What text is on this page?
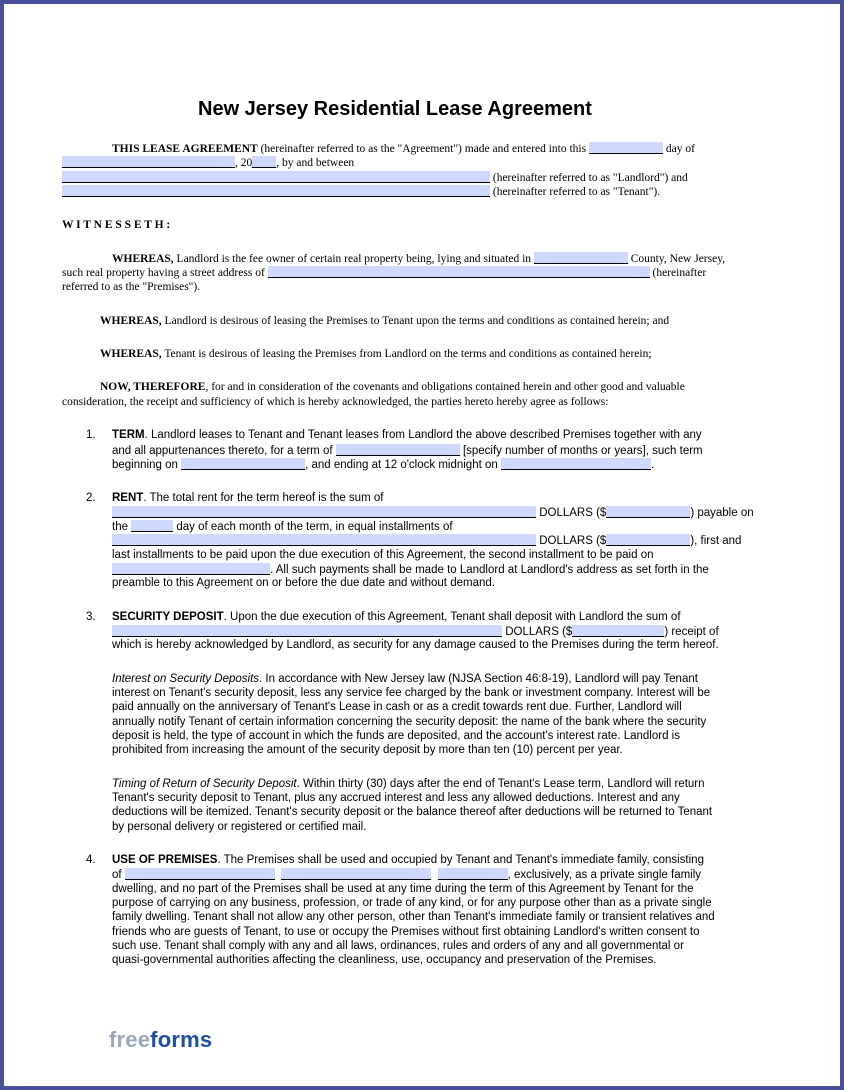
New Jersey Residential Lease Agreement
THIS LEASE AGREEMENT (hereinafter referred to as the "Agreement") made and entered into this	day of
, 20 , by and between
(hereinafter referred to as "Landlord") and
(hereinafter referred to as "Tenant").
W I T N E S S E T H :
WHEREAS, Landlord is the fee owner of certain real property being, lying and situated in	County, New Jersey,
such real property having a street address of	(hereinafter
referred to as the "Premises").
WHEREAS, Landlord is desirous of leasing the Premises to Tenant upon the terms and conditions as contained herein; and
WHEREAS, Tenant is desirous of leasing the Premises from Landlord on the terms and conditions as contained herein;
NOW, THEREFORE, for and in consideration of the covenants and obligations contained herein and other good and valuable
consideration, the receipt and sufficiency of which is hereby acknowledged, the parties hereto hereby agree as follows:
1. TERM. Landlord leases to Tenant and Tenant leases from Landlord the above described Premises together with any
and all appurtenances thereto, for a term of	[specify number of months or years], such term
beginning on	, and ending at 12 o'clock midnight on	.
2. RENT. The total rent for the term hereof is the sum of
DOLLARS ($	) payable on
the	day of each month of the term, in equal installments of
DOLLARS ($	), first and
last installments to be paid upon the due execution of this Agreement, the second installment to be paid on
. All such payments shall be made to Landlord at Landlord's address as set forth in the
preamble to this Agreement on or before the due date and without demand.
3. SECURITY DEPOSIT. Upon the due execution of this Agreement, Tenant shall deposit with Landlord the sum of
DOLLARS ($	) receipt of
which is hereby acknowledged by Landlord, as security for any damage caused to the Premises during the term hereof.
Interest on Security Deposits. In accordance with New Jersey law (NJSA Section 46:8-19), Landlord will pay Tenant
interest on Tenant's security deposit, less any service fee charged by the bank or investment company. Interest will be
paid annually on the anniversary of Tenant's Lease in cash or as a credit towards rent due. Further, Landlord will
annually notify Tenant of certain information concerning the security deposit: the name of the bank where the security
deposit is held, the type of account in which the funds are deposited, and the account's interest rate. Landlord is
prohibited from increasing the amount of the security deposit by more than ten (10) percent per year.
Timing of Return of Security Deposit. Within thirty (30) days after the end of Tenant's Lease term, Landlord will return
Tenant's security deposit to Tenant, plus any accrued interest and less any allowed deductions. Interest and any
deductions will be itemized. Tenant's security deposit or the balance thereof after deductions will be returned to Tenant
by personal delivery or registered or certified mail.
4. USE OF PREMISES. The Premises shall be used and occupied by Tenant and Tenant's immediate family, consisting
of	, exclusively, as a private single family
dwelling, and no part of the Premises shall be used at any time during the term of this Agreement by Tenant for the
purpose of carrying on any business, profession, or trade of any kind, or for any purpose other than as a private single
family dwelling. Tenant shall not allow any other person, other than Tenant's immediate family or transient relatives and
friends who are guests of Tenant, to use or occupy the Premises without first obtaining Landlord's written consent to
such use. Tenant shall comply with any and all laws, ordinances, rules and orders of any and all governmental or
quasi-governmental authorities affecting the cleanliness, use, occupancy and preservation of the Premises.
freeforms
